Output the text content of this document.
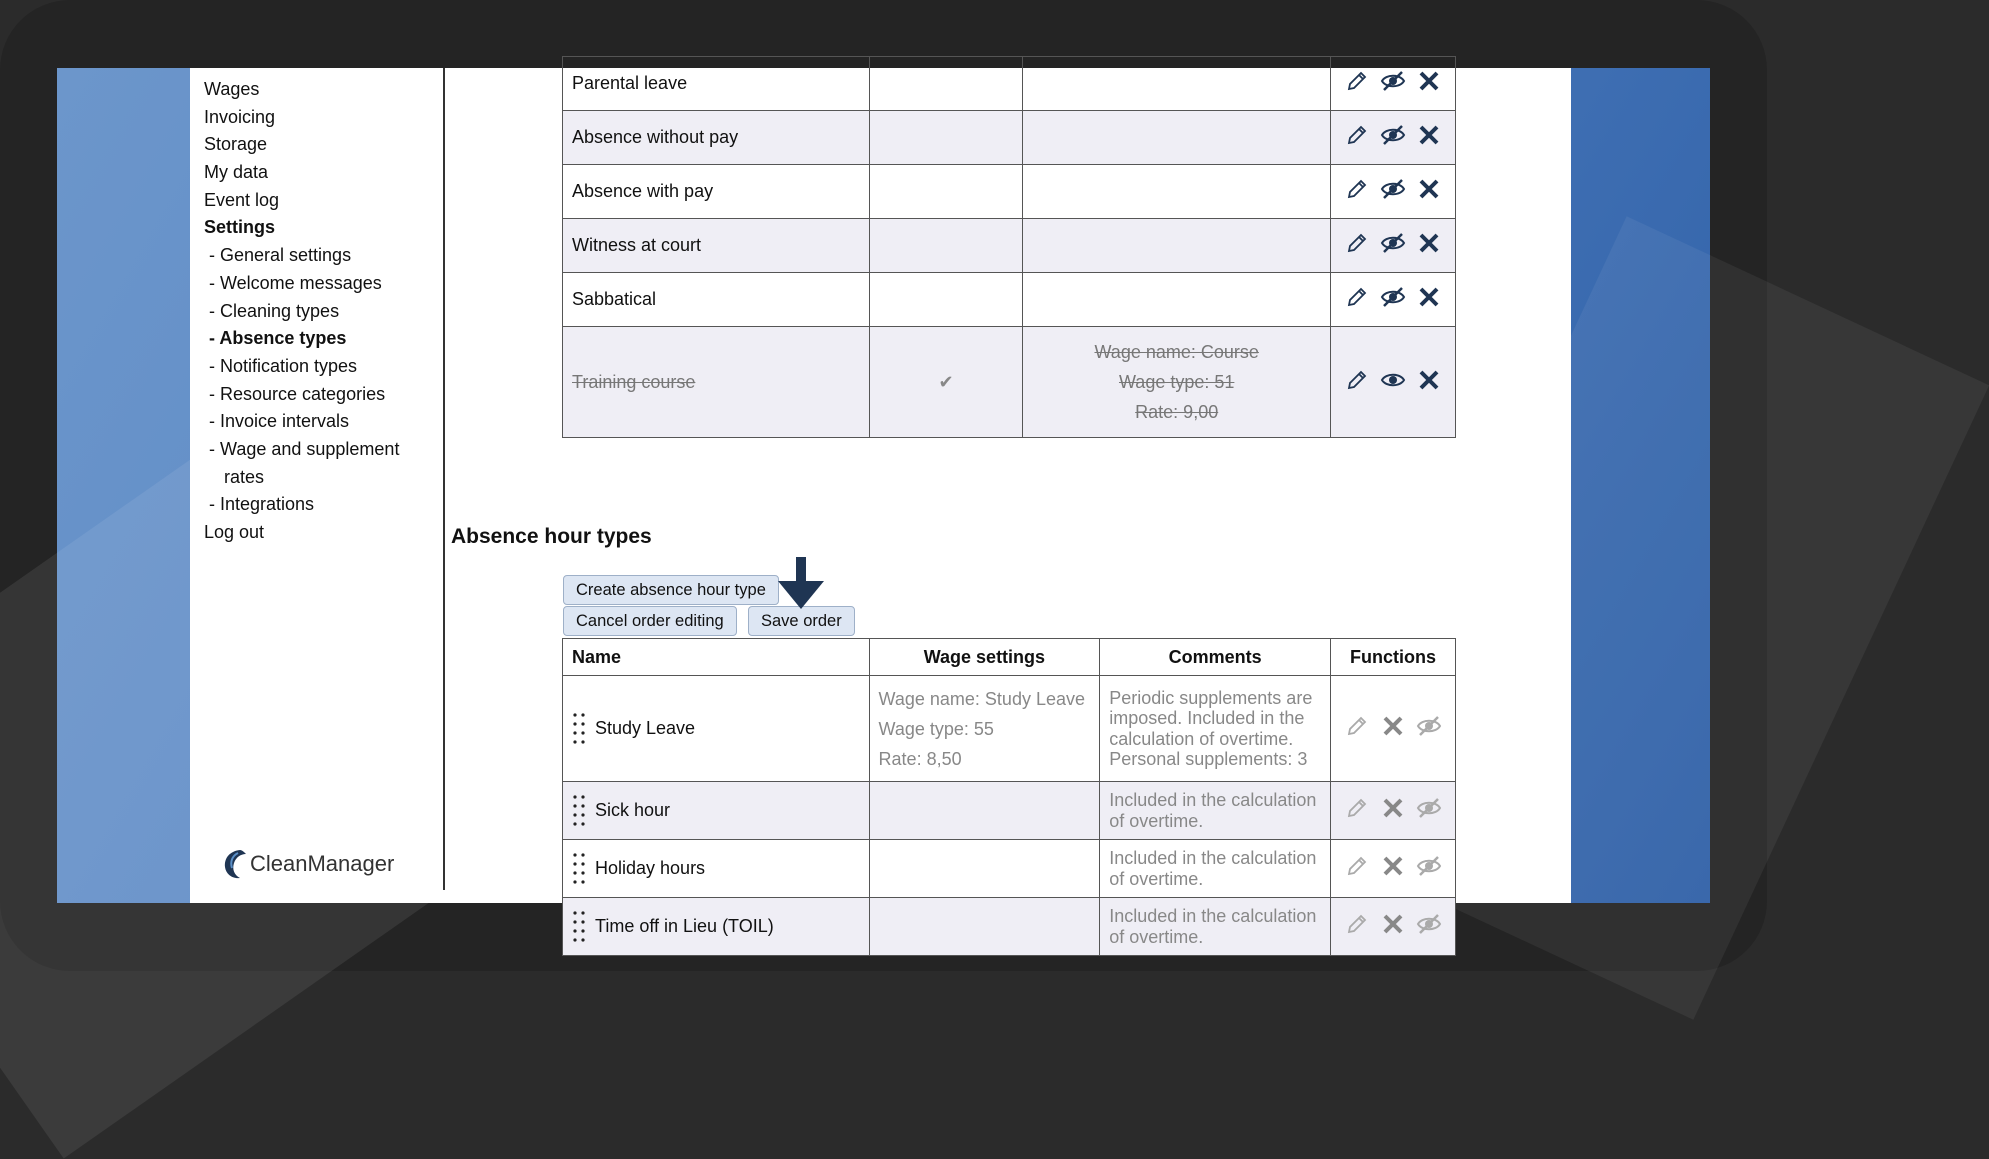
Wages
Invoicing
Storage
My data
Event log
Settings
- General settings
- Welcome messages
- Cleaning types
- Absence types
- Notification types
- Resource categories
- Invoice intervals
- Wage and supplement
rates
- Integrations
Log out
CleanManager
Parental leave			
Absence without pay			
Absence with pay			
Witness at court			
Sabbatical			
Training course	✔	Wage name: Course
Wage type: 51
Rate: 9,00

Absence hour types
Create absence hour type
Cancel order editing	Save order
Name	Wage settings	Comments	Functions

Study Leave	Wage name: Study Leave
Wage type: 55
Rate: 8,50	Periodic supplements are imposed. Included in the calculation of overtime. Personal supplements: 3	

Sick hour		Included in the calculation of overtime.	

Holiday hours		Included in the calculation of overtime.	

Time off in Lieu (TOIL)		Included in the calculation of overtime.	
